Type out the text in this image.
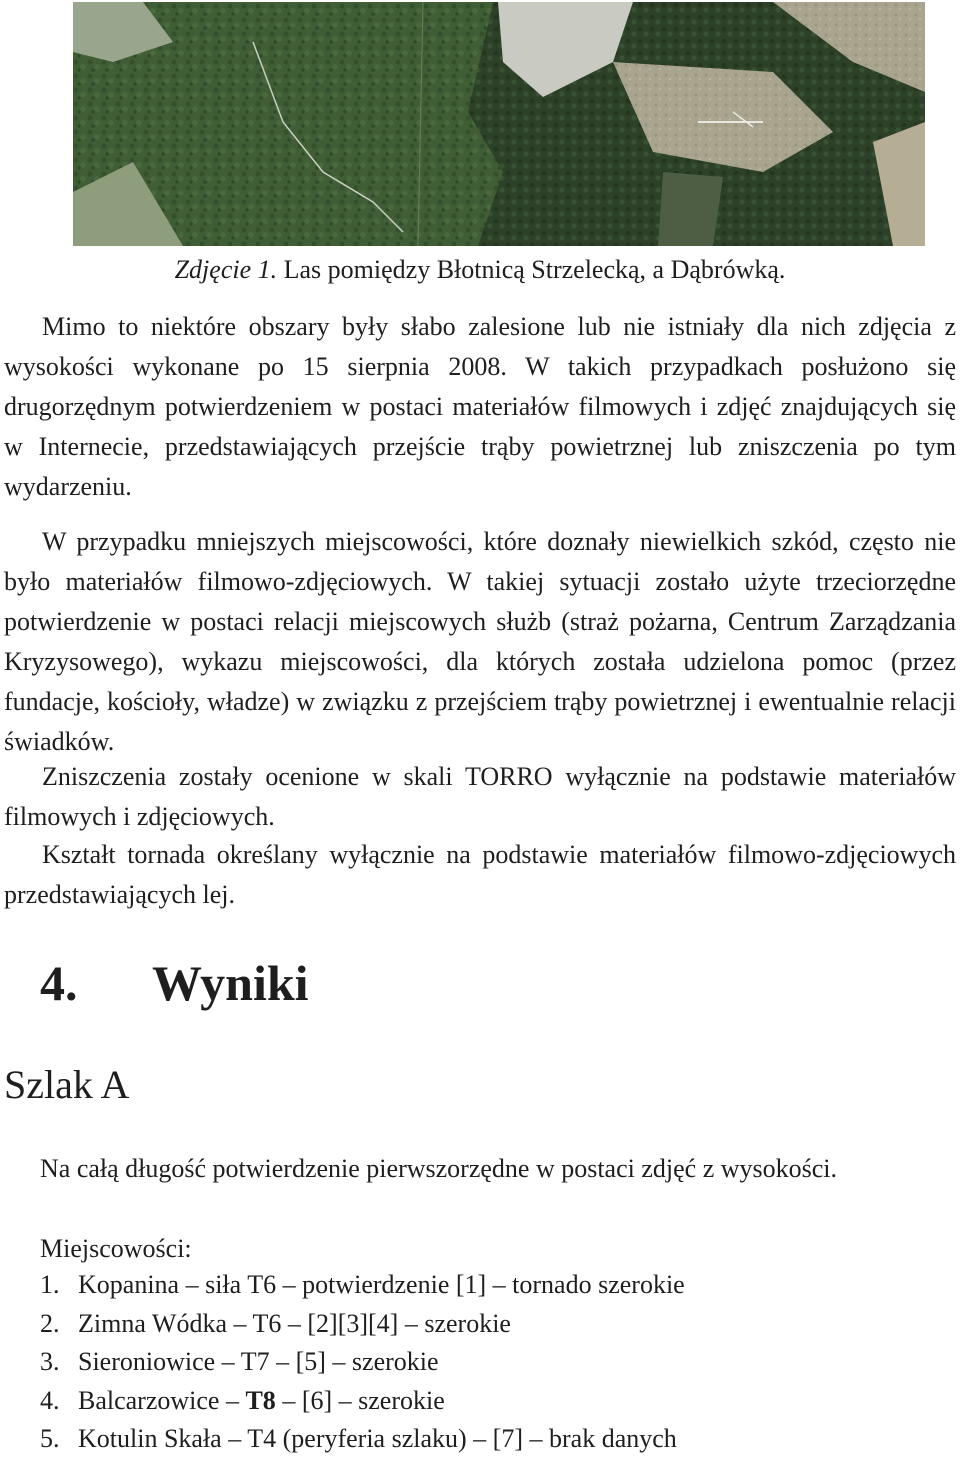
Zdjęcie 1. Las pomiędzy Błotnicą Strzelecką, a Dąbrówką.

Mimo to niektóre obszary były słabo zalesione lub nie istniały dla nich zdjęcia z wysokości wykonane po 15 sierpnia 2008. W takich przypadkach posłużono się drugorzędnym potwierdzeniem w postaci materiałów filmowych i zdjęć znajdujących się w Internecie, przedstawiających przejście trąby powietrznej lub zniszczenia po tym wydarzeniu.

W przypadku mniejszych miejscowości, które doznały niewielkich szkód, często nie było materiałów filmowo-zdjęciowych. W takiej sytuacji zostało użyte trzeciorzędne potwierdzenie w postaci relacji miejscowych służb (straż pożarna, Centrum Zarządzania Kryzysowego), wykazu miejscowości, dla których została udzielona pomoc (przez fundacje, kościoły, władze) w związku z przejściem trąby powietrznej i ewentualnie relacji świadków.

Zniszczenia zostały ocenione w skali TORRO wyłącznie na podstawie materiałów filmowych i zdjęciowych.

Kształt tornada określany wyłącznie na podstawie materiałów filmowo-zdjęciowych przedstawiających lej.

4. Wyniki
Szlak A
Na całą długość potwierdzenie pierwszorzędne w postaci zdjęć z wysokości.
Miejscowości:
1. Kopanina – siła T6 – potwierdzenie [1] – tornado szerokie
2. Zimna Wódka – T6 – [2][3][4] – szerokie
3. Sieroniowice – T7 – [5] – szerokie
4. Balcarzowice – T8 – [6] – szerokie
5. Kotulin Skała – T4 (peryferia szlaku) – [7] – brak danych
